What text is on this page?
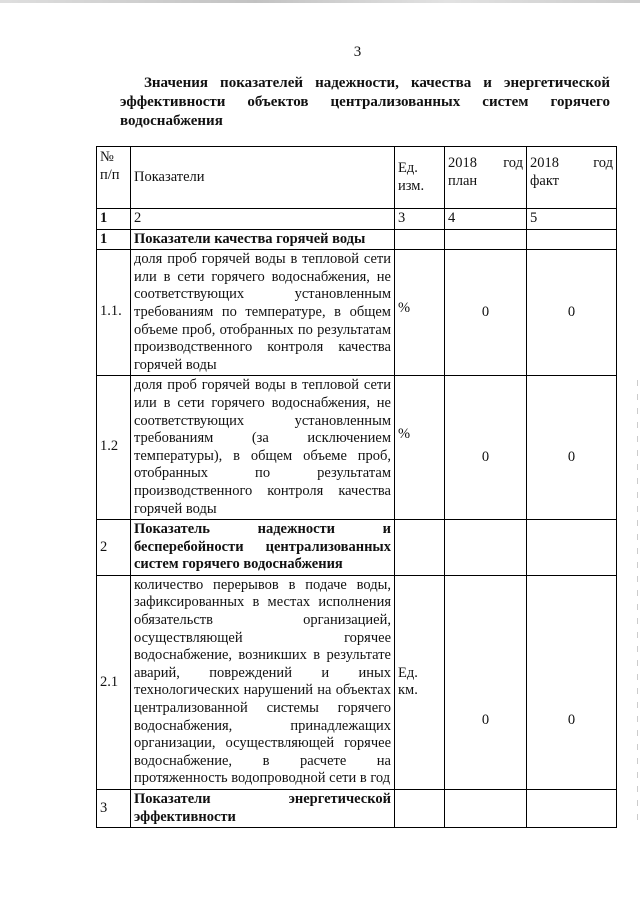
3
Значения показателей надежности, качества и энергетической эффективности объектов централизованных систем горячего водоснабжения
№ п/п	Показатели	Ед. изм.	2018 год план	2018 год факт
1	2	3	4	5
1	Показатели качества горячей воды			
1.1.	доля проб горячей воды в тепловой сети или в сети горячего водоснабжения, не соответствующих установленным требованиям по температуре, в общем объеме проб, отобранных по результатам производственного контроля качества горячей воды	%	0	0
1.2	доля проб горячей воды в тепловой сети или в сети горячего водоснабжения, не соответствующих установленным требованиям (за исключением температуры), в общем объеме проб, отобранных по результатам производственного контроля качества горячей воды	%	0	0
2	Показатель надежности и бесперебойности централизованных систем горячего водоснабжения			
2.1	количество перерывов в подаче воды, зафиксированных в местах исполнения обязательств организацией, осуществляющей горячее водоснабжение, возникших в результате аварий, повреждений и иных технологических нарушений на объектах централизованной системы горячего водоснабжения, принадлежащих организации, осуществляющей горячее водоснабжение, в расчете на протяженность водопроводной сети в год	Ед. км.	0	0
3	Показатели энергетической эффективности			
